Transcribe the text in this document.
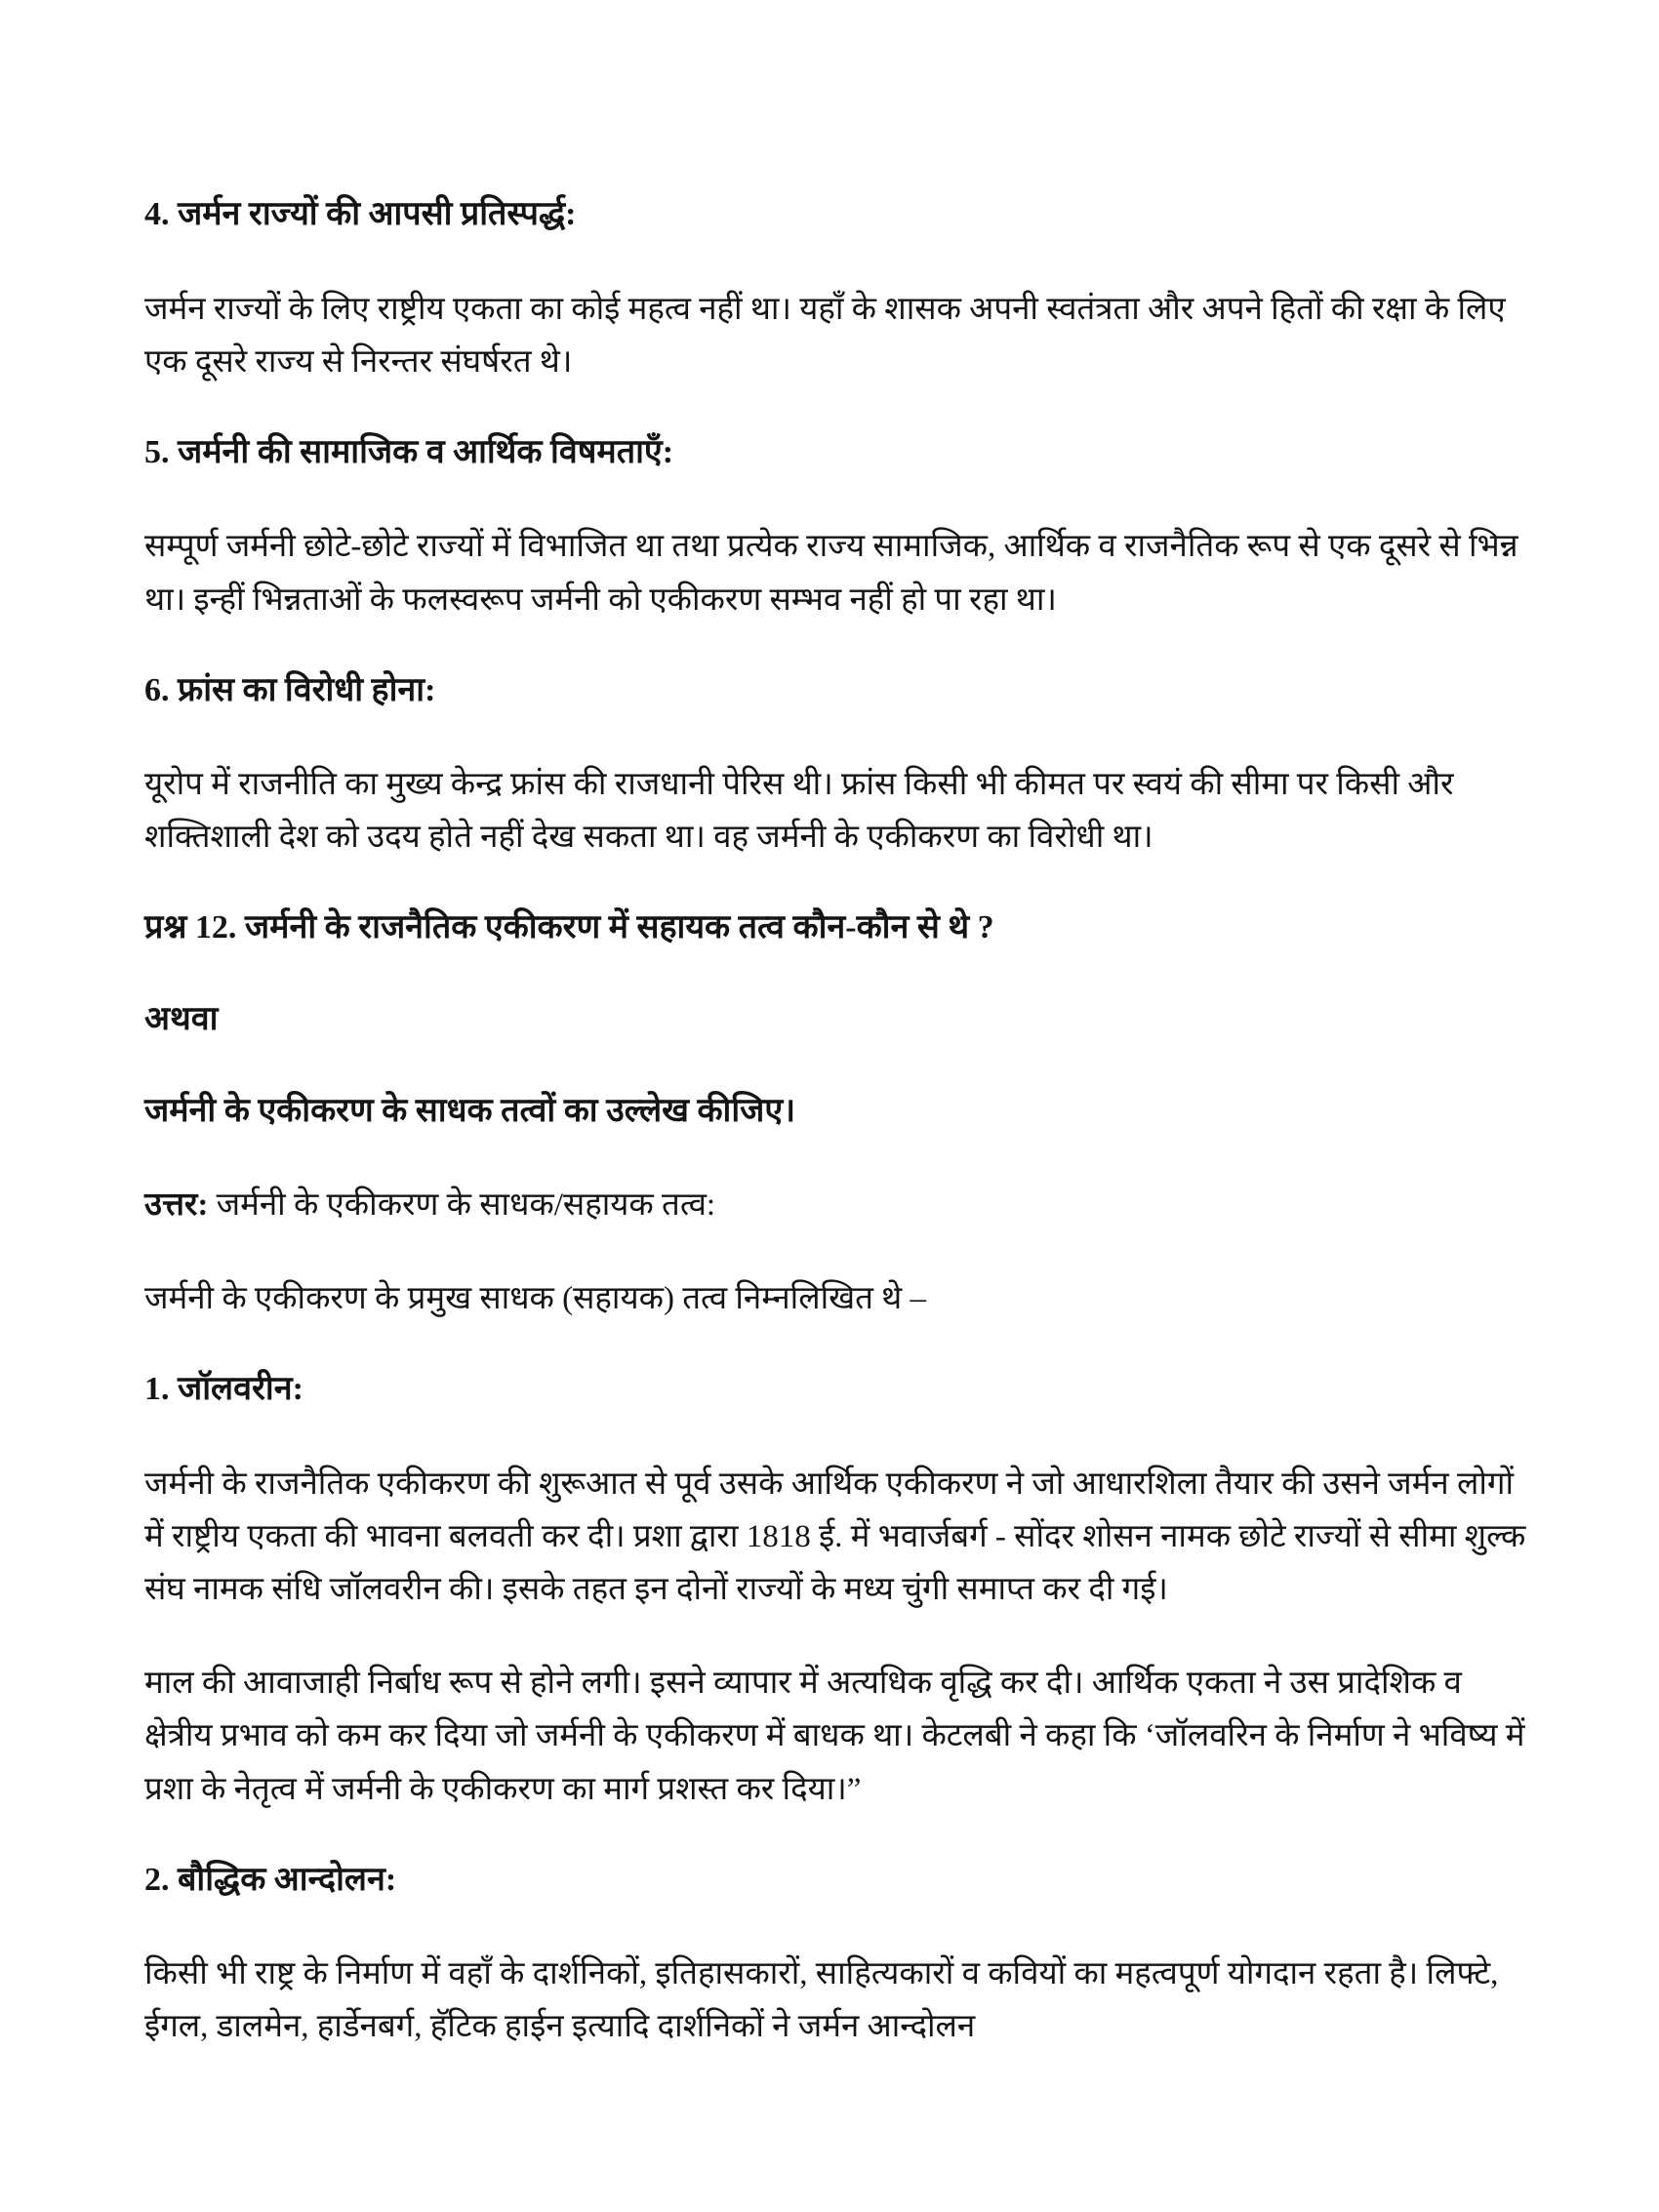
4. जर्मन राज्यों की आपसी प्रतिस्पर्द्ध:

जर्मन राज्यों के लिए राष्ट्रीय एकता का कोई महत्व नहीं था। यहाँ के शासक अपनी स्वतंत्रता और अपने हितों की रक्षा के लिए एक दूसरे राज्य से निरन्तर संघर्षरत थे।

5. जर्मनी की सामाजिक व आर्थिक विषमताएँ:

सम्पूर्ण जर्मनी छोटे-छोटे राज्यों में विभाजित था तथा प्रत्येक राज्य सामाजिक, आर्थिक व राजनैतिक रूप से एक दूसरे से भिन्न था। इन्हीं भिन्नताओं के फलस्वरूप जर्मनी को एकीकरण सम्भव नहीं हो पा रहा था।

6. फ्रांस का विरोधी होना:

यूरोप में राजनीति का मुख्य केन्द्र फ्रांस की राजधानी पेरिस थी। फ्रांस किसी भी कीमत पर स्वयं की सीमा पर किसी और शक्तिशाली देश को उदय होते नहीं देख सकता था। वह जर्मनी के एकीकरण का विरोधी था।

प्रश्न 12. जर्मनी के राजनैतिक एकीकरण में सहायक तत्व कौन-कौन से थे ?
अथवा
जर्मनी के एकीकरण के साधक तत्वों का उल्लेख कीजिए।

उत्तर: जर्मनी के एकीकरण के साधक/सहायक तत्व:

जर्मनी के एकीकरण के प्रमुख साधक (सहायक) तत्व निम्नलिखित थे –

1. जॉलवरीन:

जर्मनी के राजनैतिक एकीकरण की शुरूआत से पूर्व उसके आर्थिक एकीकरण ने जो आधारशिला तैयार की उसने जर्मन लोगों में राष्ट्रीय एकता की भावना बलवती कर दी। प्रशा द्वारा 1818 ई. में भवार्जबर्ग - सोंदर शोसन नामक छोटे राज्यों से सीमा शुल्क संघ नामक संधि जॉलवरीन की। इसके तहत इन दोनों राज्यों के मध्य चुंगी समाप्त कर दी गई।

माल की आवाजाही निर्बाध रूप से होने लगी। इसने व्यापार में अत्यधिक वृद्धि कर दी। आर्थिक एकता ने उस प्रादेशिक व क्षेत्रीय प्रभाव को कम कर दिया जो जर्मनी के एकीकरण में बाधक था। केटलबी ने कहा कि ‘जॉलवरिन के निर्माण ने भविष्य में प्रशा के नेतृत्व में जर्मनी के एकीकरण का मार्ग प्रशस्त कर दिया।”

2. बौद्धिक आन्दोलन:

किसी भी राष्ट्र के निर्माण में वहाँ के दार्शनिकों, इतिहासकारों, साहित्यकारों व कवियों का महत्वपूर्ण योगदान रहता है। लिफ्टे, ईगल, डालमेन, हार्डेनबर्ग, हॅटिक हाईन इत्यादि दार्शनिकों ने जर्मन आन्दोलन
